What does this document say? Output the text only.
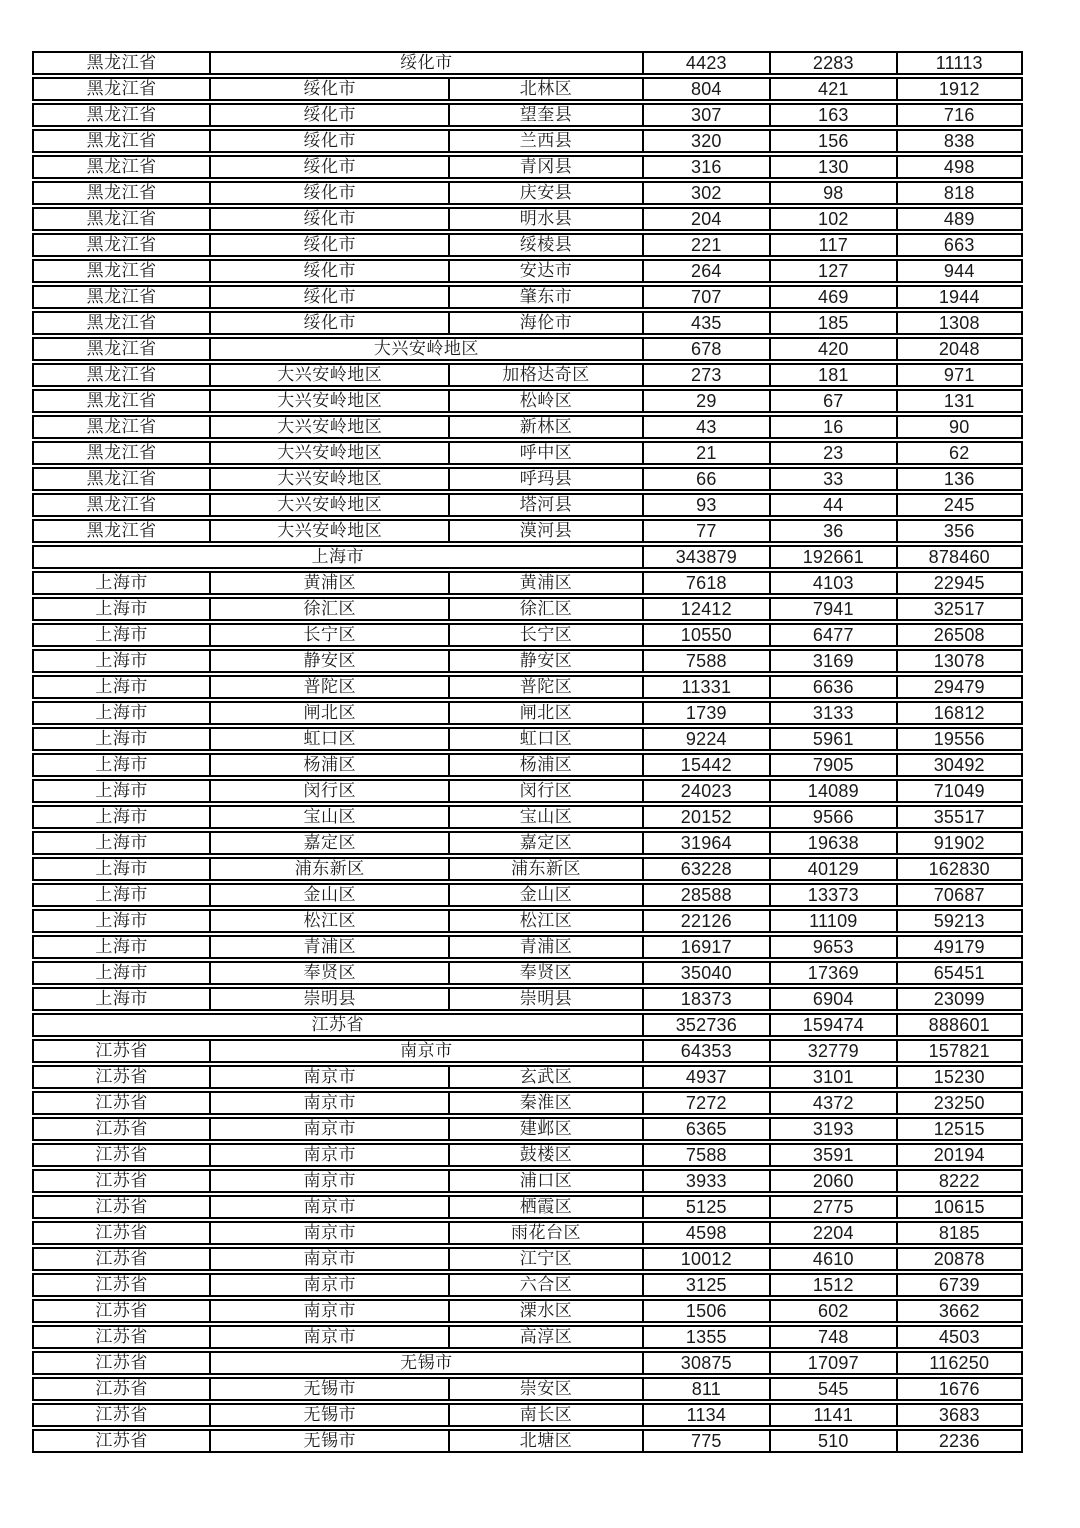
黑龙江省	绥化市	4423	2283	11113
黑龙江省	绥化市	北林区	804	421	1912
黑龙江省	绥化市	望奎县	307	163	716
黑龙江省	绥化市	兰西县	320	156	838
黑龙江省	绥化市	青冈县	316	130	498
黑龙江省	绥化市	庆安县	302	98	818
黑龙江省	绥化市	明水县	204	102	489
黑龙江省	绥化市	绥棱县	221	117	663
黑龙江省	绥化市	安达市	264	127	944
黑龙江省	绥化市	肇东市	707	469	1944
黑龙江省	绥化市	海伦市	435	185	1308
黑龙江省	大兴安岭地区	678	420	2048
黑龙江省	大兴安岭地区	加格达奇区	273	181	971
黑龙江省	大兴安岭地区	松岭区	29	67	131
黑龙江省	大兴安岭地区	新林区	43	16	90
黑龙江省	大兴安岭地区	呼中区	21	23	62
黑龙江省	大兴安岭地区	呼玛县	66	33	136
黑龙江省	大兴安岭地区	塔河县	93	44	245
黑龙江省	大兴安岭地区	漠河县	77	36	356
上海市	343879	192661	878460
上海市	黄浦区	黄浦区	7618	4103	22945
上海市	徐汇区	徐汇区	12412	7941	32517
上海市	长宁区	长宁区	10550	6477	26508
上海市	静安区	静安区	7588	3169	13078
上海市	普陀区	普陀区	11331	6636	29479
上海市	闸北区	闸北区	1739	3133	16812
上海市	虹口区	虹口区	9224	5961	19556
上海市	杨浦区	杨浦区	15442	7905	30492
上海市	闵行区	闵行区	24023	14089	71049
上海市	宝山区	宝山区	20152	9566	35517
上海市	嘉定区	嘉定区	31964	19638	91902
上海市	浦东新区	浦东新区	63228	40129	162830
上海市	金山区	金山区	28588	13373	70687
上海市	松江区	松江区	22126	11109	59213
上海市	青浦区	青浦区	16917	9653	49179
上海市	奉贤区	奉贤区	35040	17369	65451
上海市	崇明县	崇明县	18373	6904	23099
江苏省	352736	159474	888601
江苏省	南京市	64353	32779	157821
江苏省	南京市	玄武区	4937	3101	15230
江苏省	南京市	秦淮区	7272	4372	23250
江苏省	南京市	建邺区	6365	3193	12515
江苏省	南京市	鼓楼区	7588	3591	20194
江苏省	南京市	浦口区	3933	2060	8222
江苏省	南京市	栖霞区	5125	2775	10615
江苏省	南京市	雨花台区	4598	2204	8185
江苏省	南京市	江宁区	10012	4610	20878
江苏省	南京市	六合区	3125	1512	6739
江苏省	南京市	溧水区	1506	602	3662
江苏省	南京市	高淳区	1355	748	4503
江苏省	无锡市	30875	17097	116250
江苏省	无锡市	崇安区	811	545	1676
江苏省	无锡市	南长区	1134	1141	3683
江苏省	无锡市	北塘区	775	510	2236
